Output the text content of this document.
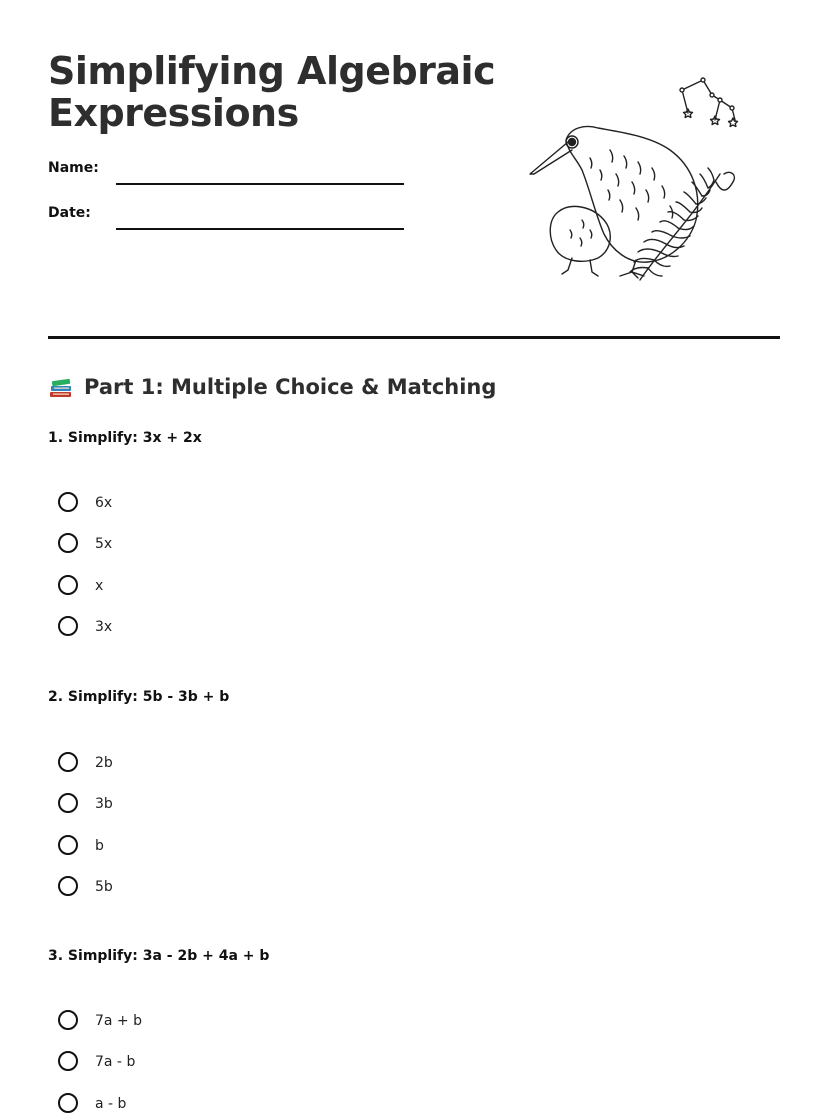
Simplifying Algebraic Expressions
Name:
Date:
Part 1: Multiple Choice & Matching
1. Simplify: 3x + 2x
6x
5x
x
3x
2. Simplify: 5b - 3b + b
2b
3b
b
5b
3. Simplify: 3a - 2b + 4a + b
7a + b
7a - b
a - b
